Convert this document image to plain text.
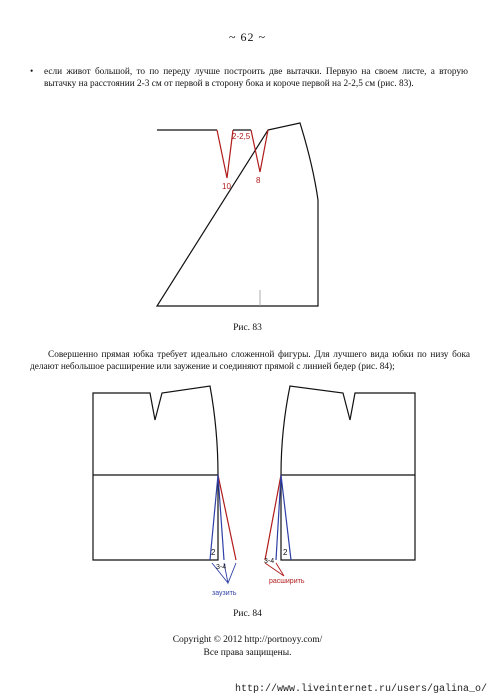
~ 62 ~
• если живот большой, то по переду лучше построить две вытачки. Первую на своем листе, а вторую вытачку на расстоянии 2-3 см от первой в сторону бока и короче первой на 2-2,5 см (рис. 83).
2-2,5
10
8
2
3-4
заузить
3-4
2
расширить
Рис. 83
Совершенно прямая юбка требует идеально сложенной фигуры. Для лучшего вида юбки по низу бока делают небольшое расширение или заужение и соединяют прямой с линией бедер (рис. 84);
Рис. 84
Copyright © 2012 http://portnoyy.com/
Все права защищены.
http://www.liveinternet.ru/users/galina_o/
